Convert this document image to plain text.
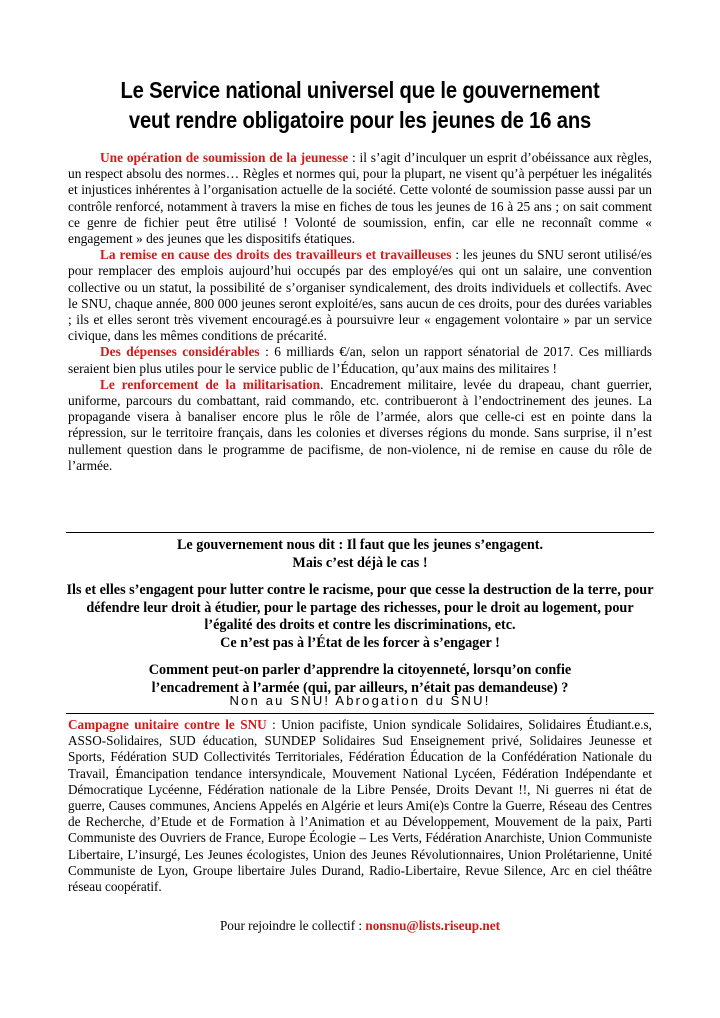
Le Service national universel que le gouvernement
veut rendre obligatoire pour les jeunes de 16 ans

Une opération de soumission de la jeunesse : il s’agit d’inculquer un esprit d’obéissance aux règles, un respect absolu des normes… Règles et normes qui, pour la plupart, ne visent qu’à perpétuer les inégalités et injustices inhérentes à l’organisation actuelle de la société. Cette volonté de soumission passe aussi par un contrôle renforcé, notamment à travers la mise en fiches de tous les jeunes de 16 à 25 ans ; on sait comment ce genre de fichier peut être utilisé ! Volonté de soumission, enfin, car elle ne reconnaît comme « engagement » des jeunes que les dispositifs étatiques.

La remise en cause des droits des travailleurs et travailleuses : les jeunes du SNU seront utilisé/es pour remplacer des emplois aujourd’hui occupés par des employé/es qui ont un salaire, une convention collective ou un statut, la possibilité de s’organiser syndicalement, des droits individuels et collectifs. Avec le SNU, chaque année, 800 000 jeunes seront exploité/es, sans aucun de ces droits, pour des durées variables ; ils et elles seront très vivement encouragé.es à poursuivre leur « engagement volontaire » par un service civique, dans les mêmes conditions de précarité.

Des dépenses considérables : 6 milliards €/an, selon un rapport sénatorial de 2017. Ces milliards seraient bien plus utiles pour le service public de l’Éducation, qu’aux mains des militaires !

Le renforcement de la militarisation. Encadrement militaire, levée du drapeau, chant guerrier, uniforme, parcours du combattant, raid commando, etc. contribueront à l’endoctrinement des jeunes. La propagande visera à banaliser encore plus le rôle de l’armée, alors que celle-ci est en pointe dans la répression, sur le territoire français, dans les colonies et diverses régions du monde. Sans surprise, il n’est nullement question dans le programme de pacifisme, de non-violence, ni de remise en cause du rôle de l’armée.

Le gouvernement nous dit : Il faut que les jeunes s’engagent.
Mais c’est déjà le cas !
Ils et elles s’engagent pour lutter contre le racisme, pour que cesse la destruction de la terre, pour défendre leur droit à étudier, pour le partage des richesses, pour le droit au logement, pour l’égalité des droits et contre les discriminations, etc.
Ce n’est pas à l’État de les forcer à s’engager !
Comment peut-on parler d’apprendre la citoyenneté, lorsqu’on confie l’encadrement à l’armée (qui, par ailleurs, n’était pas demandeuse) ?
Non au SNU! Abrogation du SNU!
Campagne unitaire contre le SNU : Union pacifiste, Union syndicale Solidaires, Solidaires Étudiant.e.s, ASSO-Solidaires, SUD éducation, SUNDEP Solidaires Sud Enseignement privé, Solidaires Jeunesse et Sports, Fédération SUD Collectivités Territoriales, Fédération Éducation de la Confédération Nationale du Travail, Émancipation tendance intersyndicale, Mouvement National Lycéen, Fédération Indépendante et Démocratique Lycéenne, Fédération nationale de la Libre Pensée, Droits Devant !!, Ni guerres ni état de guerre, Causes communes, Anciens Appelés en Algérie et leurs Ami(e)s Contre la Guerre, Réseau des Centres de Recherche, d’Etude et de Formation à l’Animation et au Développement, Mouvement de la paix, Parti Communiste des Ouvriers de France, Europe Écologie – Les Verts, Fédération Anarchiste, Union Communiste Libertaire, L’insurgé, Les Jeunes écologistes, Union des Jeunes Révolutionnaires, Union Prolétarienne, Unité Communiste de Lyon, Groupe libertaire Jules Durand, Radio-Libertaire, Revue Silence, Arc en ciel théâtre réseau coopératif.
Pour rejoindre le collectif : nonsnu@lists.riseup.net
